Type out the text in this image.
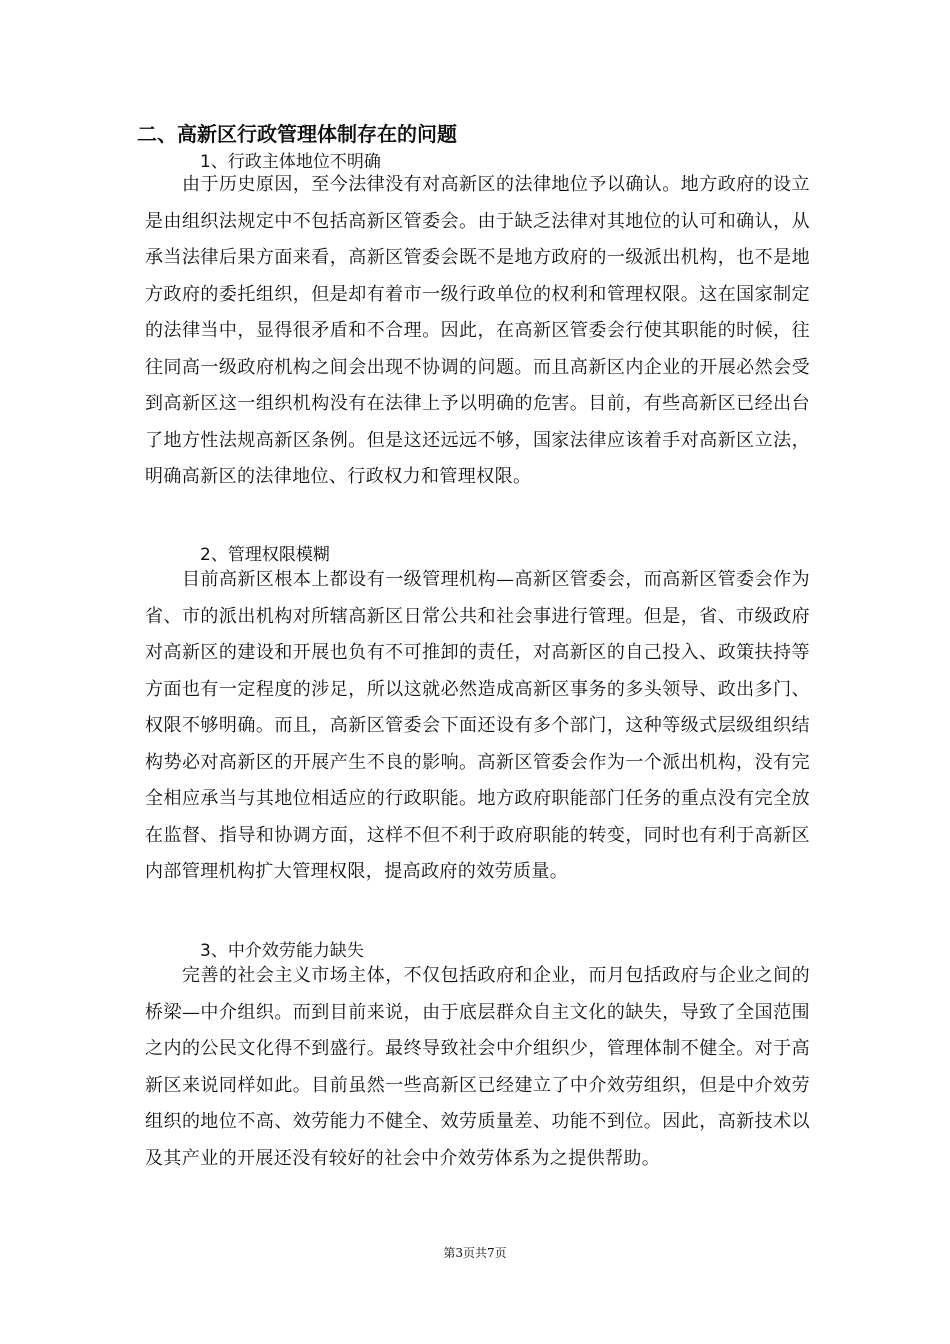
二、高新区行政管理体制存在的问题
1、行政主体地位不明确

由于历史原因，至今法律没有对高新区的法律地位予以确认。地方政府的设立是由组织法规定中不包括高新区管委会。由于缺乏法律对其地位的认可和确认，从承当法律后果方面来看，高新区管委会既不是地方政府的一级派出机构，也不是地方政府的委托组织，但是却有着市一级行政单位的权利和管理权限。这在国家制定的法律当中，显得很矛盾和不合理。因此，在高新区管委会行使其职能的时候，往往同高一级政府机构之间会出现不协调的问题。而且高新区内企业的开展必然会受到高新区这一组织机构没有在法律上予以明确的危害。目前，有些高新区已经出台了地方性法规高新区条例。但是这还远远不够，国家法律应该着手对高新区立法，明确高新区的法律地位、行政权力和管理权限。

2、管理权限模糊

目前高新区根本上都设有一级管理机构—高新区管委会，而高新区管委会作为省、市的派出机构对所辖高新区日常公共和社会事进行管理。但是，省、市级政府对高新区的建设和开展也负有不可推卸的责任，对高新区的自己投入、政策扶持等方面也有一定程度的涉足，所以这就必然造成高新区事务的多头领导、政出多门、权限不够明确。而且，高新区管委会下面还设有多个部门，这种等级式层级组织结构势必对高新区的开展产生不良的影响。高新区管委会作为一个派出机构，没有完全相应承当与其地位相适应的行政职能。地方政府职能部门任务的重点没有完全放在监督、指导和协调方面，这样不但不利于政府职能的转变，同时也有利于高新区内部管理机构扩大管理权限，提高政府的效劳质量。

3、中介效劳能力缺失

完善的社会主义市场主体，不仅包括政府和企业，而月包括政府与企业之间的桥梁—中介组织。而到目前来说，由于底层群众自主文化的缺失，导致了全国范围之内的公民文化得不到盛行。最终导致社会中介组织少，管理体制不健全。对于高新区来说同样如此。目前虽然一些高新区已经建立了中介效劳组织，但是中介效劳组织的地位不高、效劳能力不健全、效劳质量差、功能不到位。因此，高新技术以及其产业的开展还没有较好的社会中介效劳体系为之提供帮助。

第3页共7页
